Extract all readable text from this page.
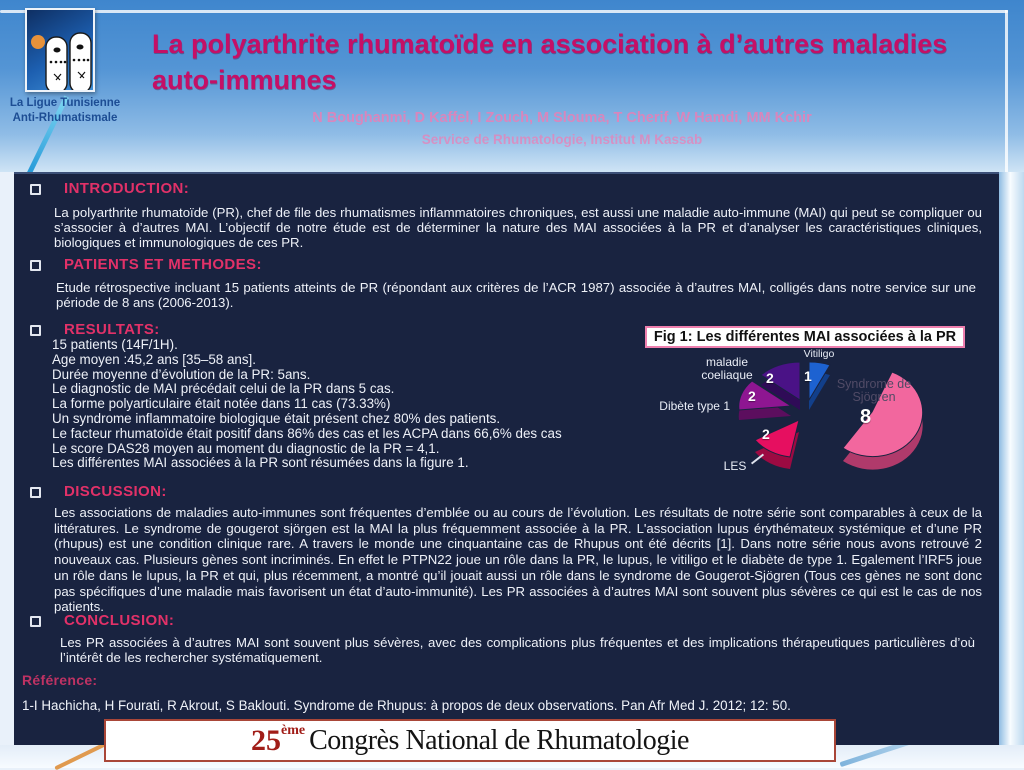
La Ligue Tunisienne
Anti-Rhumatismale
La polyarthrite rhumatoïde en association à d’autres maladies auto-immunes
N Boughanmi, D Kaffel, I Zouch, M Slouma, T Cherif, W Hamdi, MM Kchir
Service de Rhumatologie, Institut M Kassab
INTRODUCTION:
La polyarthrite rhumatoïde (PR), chef de file des rhumatismes inflammatoires chroniques, est aussi une maladie auto-immune (MAI) qui peut se compliquer ou s’associer à d’autres MAI. L’objectif de notre étude est de déterminer la nature des MAI associées à la PR et d’analyser les caractéristiques cliniques, biologiques et immunologiques de ces PR.
PATIENTS ET METHODES:
Etude rétrospective incluant 15 patients atteints de PR (répondant aux critères de l’ACR 1987) associée à d’autres MAI, colligés dans notre service sur une période de 8 ans (2006-2013).
RESULTATS:
15 patients (14F/1H).
Age moyen :45,2 ans [35–58 ans].
Durée moyenne d’évolution de la PR: 5ans.
Le diagnostic de MAI précédait celui de la PR dans 5 cas.
La forme polyarticulaire était notée dans 11 cas (73.33%)
Un syndrome inflammatoire biologique était présent chez 80% des patients.
Le facteur rhumatoïde était positif dans 86% des cas et les ACPA dans 66,6% des cas
Le score DAS28 moyen au moment du diagnostic de la PR = 4,1.
Les différentes MAI associées à la PR sont résumées dans la figure 1.
Fig 1: Les différentes MAI associées à la PR
Vitiligo
maladie coeliaque
Dibète type 1
LES
Syndrome de Sjögren
1
2
2
2
8
DISCUSSION:
Les associations de maladies auto-immunes sont fréquentes d’emblée ou au cours de l’évolution. Les résultats de notre série sont comparables à ceux de la littératures. Le syndrome de gougerot sjörgen est la MAI la plus fréquemment associée à la PR. L'association lupus érythémateux systémique et d’une PR (rhupus) est une condition clinique rare. A travers le monde une cinquantaine cas de Rhupus ont été décrits [1]. Dans notre série nous avons retrouvé 2 nouveaux cas. Plusieurs gènes sont incriminés. En effet le PTPN22 joue un rôle dans la PR, le lupus, le vitiligo et le diabète de type 1. Egalement l’IRF5 joue un rôle dans le lupus, la PR et qui, plus récemment, a montré qu’il jouait aussi un rôle dans le syndrome de Gougerot-Sjögren (Tous ces gènes ne sont donc pas spécifiques d’une maladie mais favorisent un état d’auto-immunité). Les PR associées à d’autres MAI sont souvent plus sévères ce qui est le cas de nos patients.
CONCLUSION:
Les PR associées à d’autres MAI sont souvent plus sévères, avec des complications plus fréquentes et des implications thérapeutiques particulières d’où l’intérêt de les rechercher systématiquement.
Référence:
1-I Hachicha, H Fourati, R Akrout, S Baklouti. Syndrome de Rhupus: à propos de deux observations. Pan Afr Med J. 2012; 12: 50.
25 ème Congrès National de Rhumatologie
